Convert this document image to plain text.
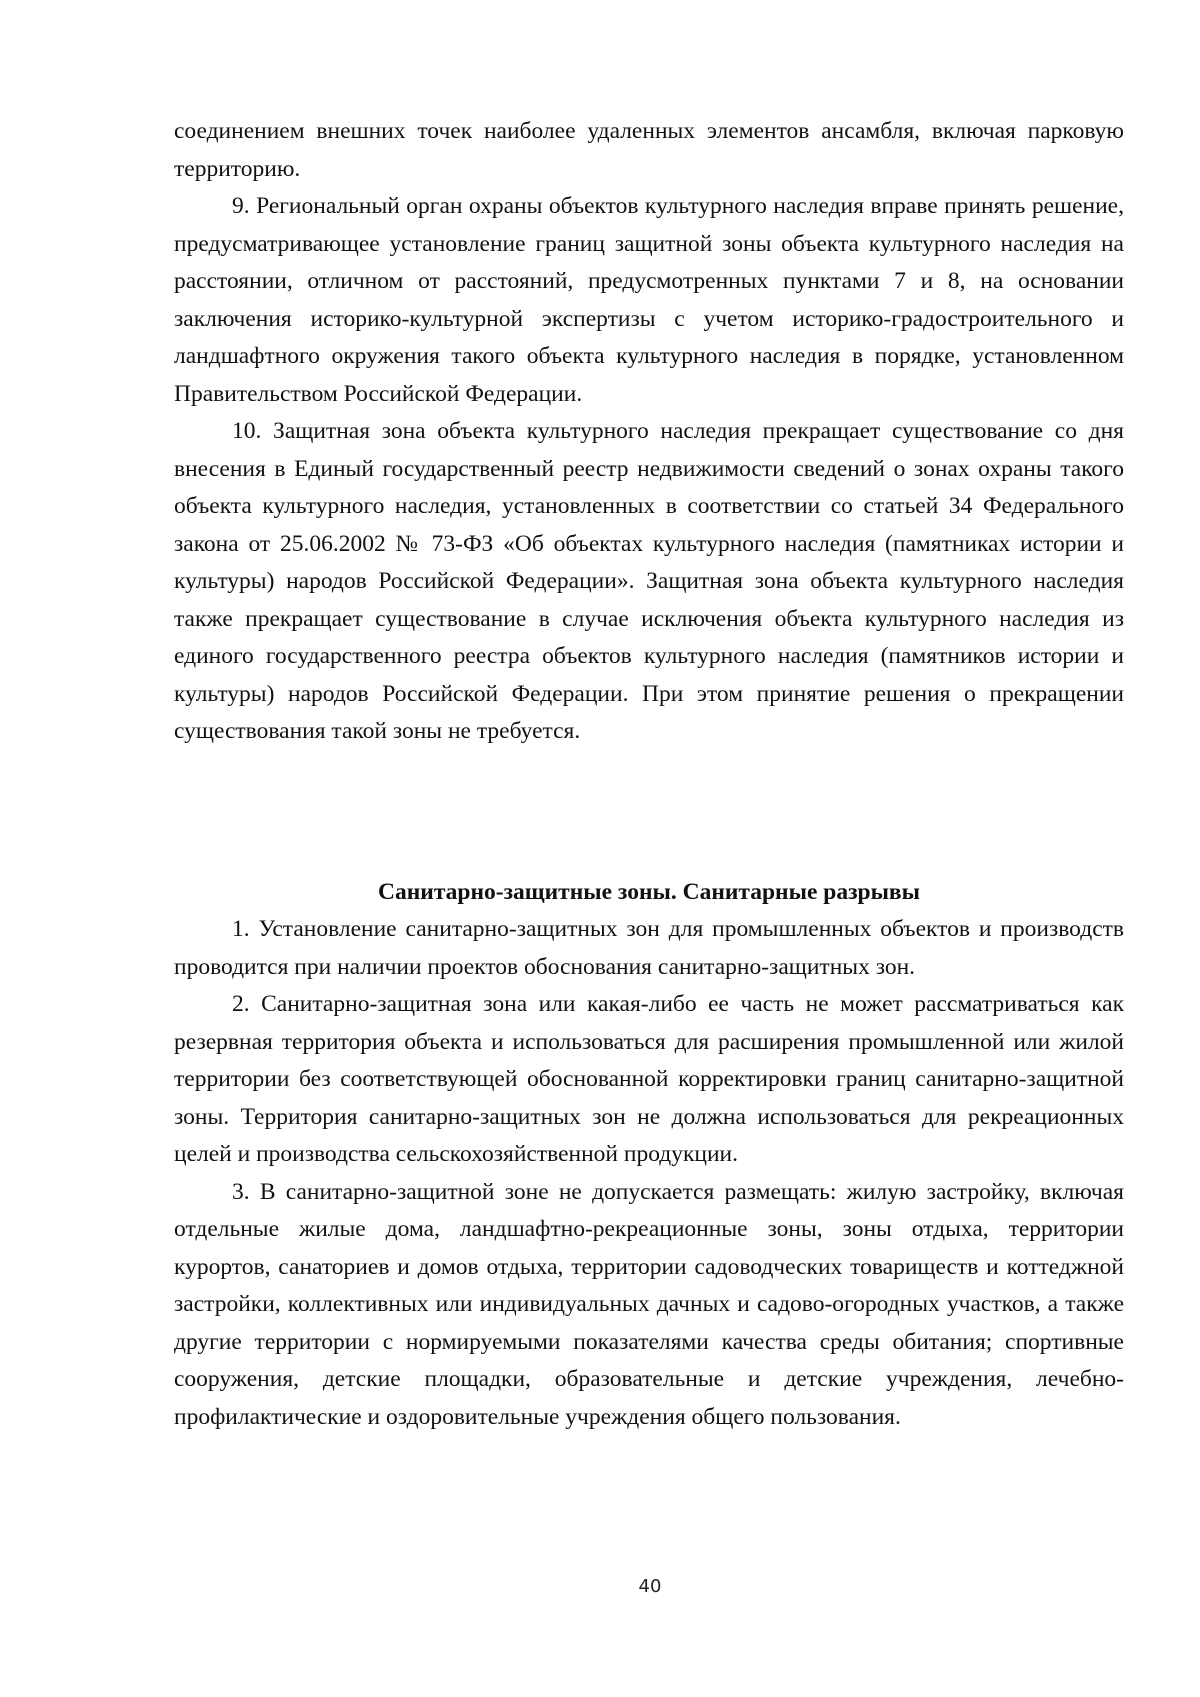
соединением внешних точек наиболее удаленных элементов ансамбля, включая парковую территорию.

9. Региональный орган охраны объектов культурного наследия вправе принять решение, предусматривающее установление границ защитной зоны объекта культурного наследия на расстоянии, отличном от расстояний, предусмотренных пунктами 7 и 8, на основании заключения историко-культурной экспертизы с учетом историко-градостроительного и ландшафтного окружения такого объекта культурного наследия в порядке, установленном Правительством Российской Федерации.

10. Защитная зона объекта культурного наследия прекращает существование со дня внесения в Единый государственный реестр недвижимости сведений о зонах охраны такого объекта культурного наследия, установленных в соответствии со статьей 34 Федерального закона от 25.06.2002 № 73-ФЗ «Об объектах культурного наследия (памятниках истории и культуры) народов Российской Федерации». Защитная зона объекта культурного наследия также прекращает существование в случае исключения объекта культурного наследия из единого государственного реестра объектов культурного наследия (памятников истории и культуры) народов Российской Федерации. При этом принятие решения о прекращении существования такой зоны не требуется.

Санитарно-защитные зоны. Санитарные разрывы

1. Установление санитарно-защитных зон для промышленных объектов и производств проводится при наличии проектов обоснования санитарно-защитных зон.

2. Санитарно-защитная зона или какая-либо ее часть не может рассматриваться как резервная территория объекта и использоваться для расширения промышленной или жилой территории без соответствующей обоснованной корректировки границ санитарно-защитной зоны. Территория санитарно-защитных зон не должна использоваться для рекреационных целей и производства сельскохозяйственной продукции.

3. В санитарно-защитной зоне не допускается размещать: жилую застройку, включая отдельные жилые дома, ландшафтно-рекреационные зоны, зоны отдыха, территории курортов, санаториев и домов отдыха, территории садоводческих товариществ и коттеджной застройки, коллективных или индивидуальных дачных и садово-огородных участков, а также другие территории с нормируемыми показателями качества среды обитания; спортивные сооружения, детские площадки, образовательные и детские учреждения, лечебно-профилактические и оздоровительные учреждения общего пользования.

40
